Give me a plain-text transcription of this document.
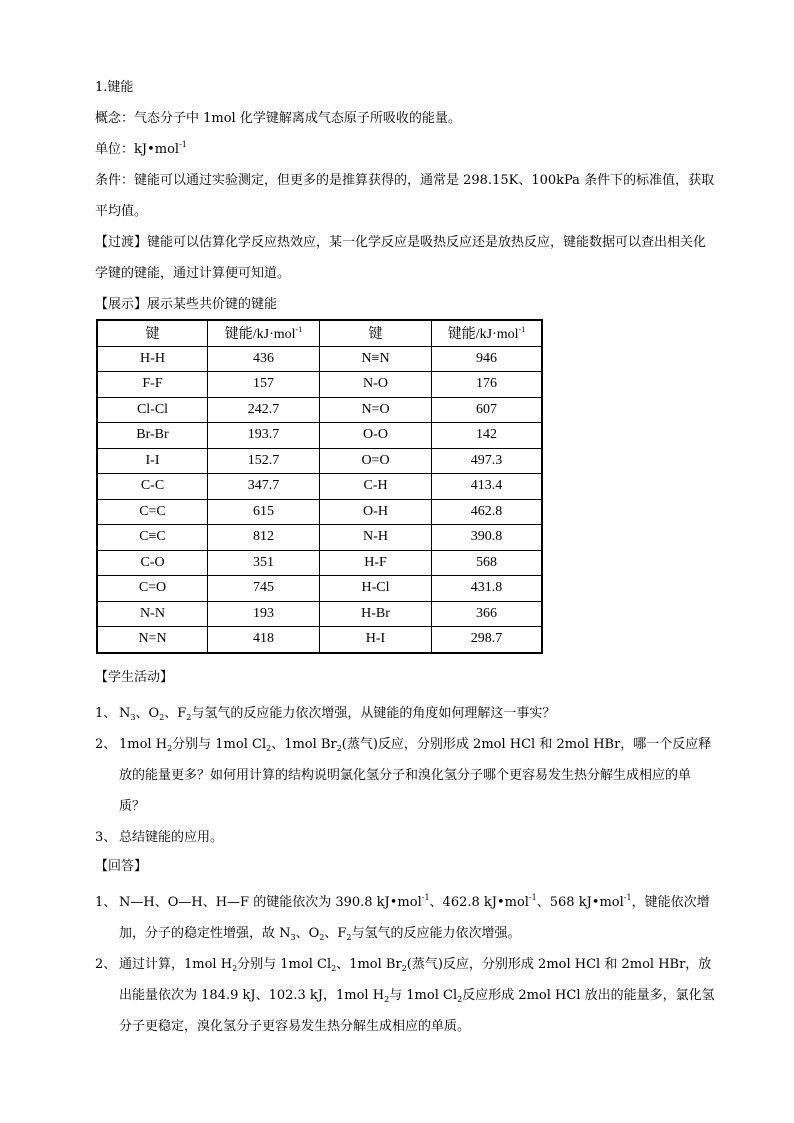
1.键能
概念：气态分子中 1mol 化学键解离成气态原子所吸收的能量。
单位：kJ•mol$^{-1}$
条件：键能可以通过实验测定，但更多的是推算获得的，通常是 298.15K、100kPa 条件下的标准值，获取平均值。
【过渡】键能可以估算化学反应热效应，某一化学反应是吸热反应还是放热反应，键能数据可以查出相关化学键的键能，通过计算便可知道。
【展示】展示某些共价键的键能
键	键能/kJ·mol$^{-1}$	键	键能/kJ·mol$^{-1}$
H-H	436	N≡N	946
F-F	157	N-O	176
Cl-Cl	242.7	N=O	607
Br-Br	193.7	O-O	142
I-I	152.7	O=O	497.3
C-C	347.7	C-H	413.4
C=C	615	O-H	462.8
C≡C	812	N-H	390.8
C-O	351	H-F	568
C=O	745	H-Cl	431.8
N-N	193	H-Br	366
N=N	418	H-I	298.7
【学生活动】
1、 $N_3$、$O_2$、$F_2$与氢气的反应能力依次增强，从键能的角度如何理解这一事实？
2、 1mol $H_2$分别与 1mol $Cl_2$、1mol $Br_2$(蒸气)反应，分别形成 2mol HCl 和 2mol HBr，哪一个反应释放的能量更多？如何用计算的结构说明氯化氢分子和溴化氢分子哪个更容易发生热分解生成相应的单质？
3、 总结键能的应用。
【回答】
1、 N—H、O—H、H—F 的键能依次为 390.8 kJ•mol$^{-1}$、462.8 kJ•mol$^{-1}$、568 kJ•mol$^{-1}$，键能依次增加，分子的稳定性增强，故 $N_3$、$O_2$、$F_2$与氢气的反应能力依次增强。
2、 通过计算，1mol $H_2$分别与 1mol $Cl_2$、1mol $Br_2$(蒸气)反应，分别形成 2mol HCl 和 2mol HBr，放出能量依次为 184.9 kJ、102.3 kJ，1mol $H_2$与 1mol $Cl_2$反应形成 2mol HCl 放出的能量多，氯化氢分子更稳定，溴化氢分子更容易发生热分解生成相应的单质。
